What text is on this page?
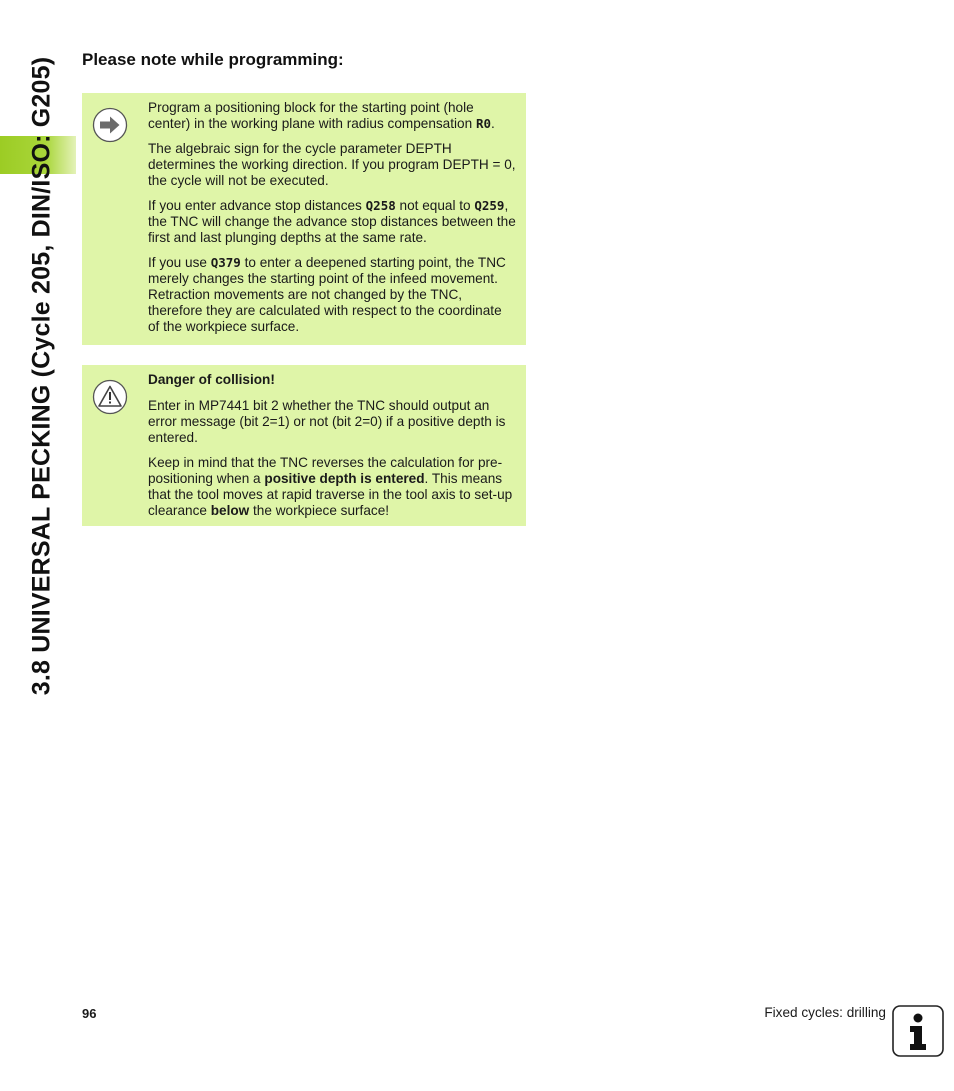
3.8 UNIVERSAL PECKING (Cycle 205, DIN/ISO: G205) Please note while programming:

Program a positioning block for the starting point (hole center) in the working plane with radius compensation R0.

The algebraic sign for the cycle parameter DEPTH determines the working direction. If you program DEPTH = 0, the cycle will not be executed.

If you enter advance stop distances Q258 not equal to Q259, the TNC will change the advance stop distances between the first and last plunging depths at the same rate.

If you use Q379 to enter a deepened starting point, the TNC merely changes the starting point of the infeed movement. Retraction movements are not changed by the TNC, therefore they are calculated with respect to the coordinate of the workpiece surface.

Danger of collision!

Enter in MP7441 bit 2 whether the TNC should output an error message (bit 2=1) or not (bit 2=0) if a positive depth is entered.

Keep in mind that the TNC reverses the calculation for pre-positioning when a positive depth is entered. This means that the tool moves at rapid traverse in the tool axis to set-up clearance below the workpiece surface!

96	Fixed cycles: drilling
